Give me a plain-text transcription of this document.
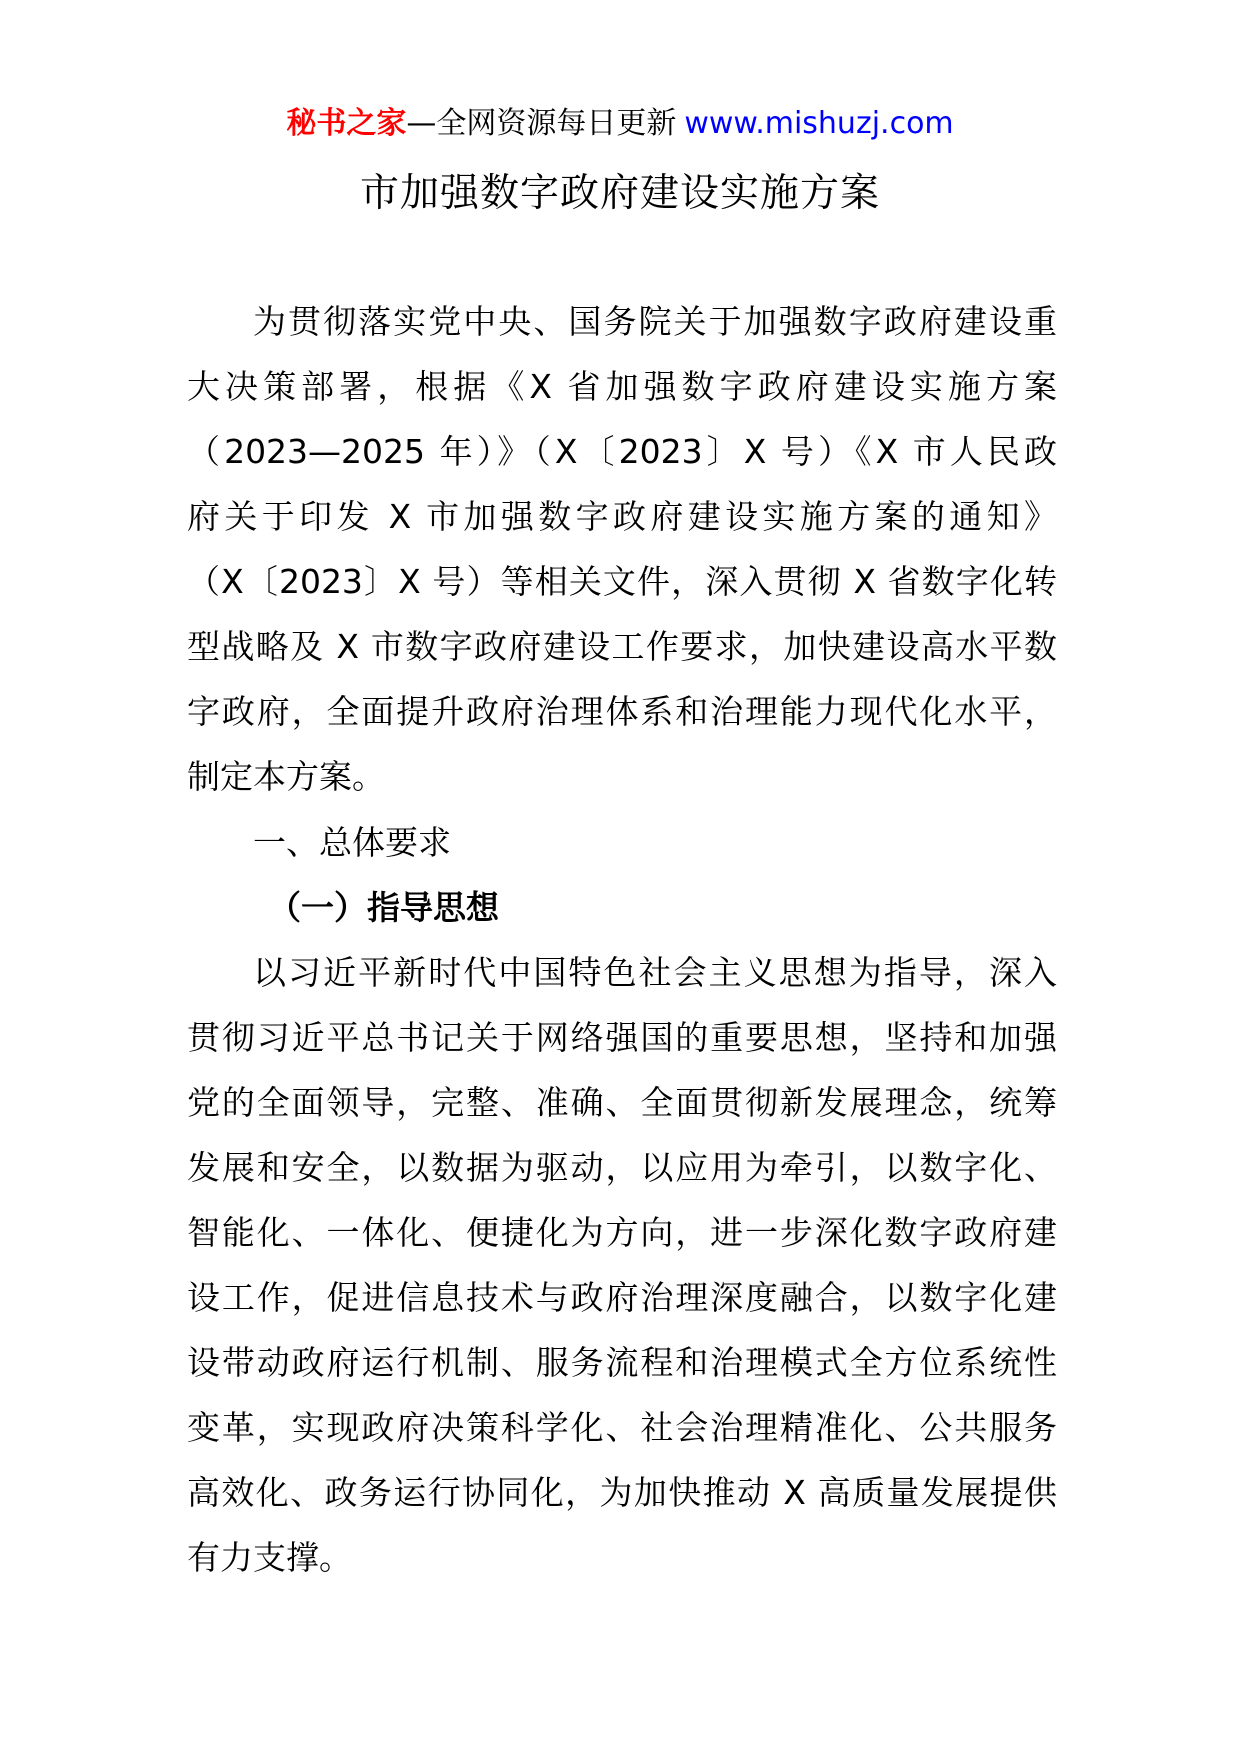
秘书之家—全网资源每日更新 www.mishuzj.com
市加强数字政府建设实施方案
为贯彻落实党中央、国务院关于加强数字政府建设重
大决策部署，根据《X 省加强数字政府建设实施方案
（2023—2025 年）》（X〔2023〕X 号）《X 市人民政
府关于印发 X 市加强数字政府建设实施方案的通知》
（X〔2023〕X 号）等相关文件，深入贯彻 X 省数字化转
型战略及 X 市数字政府建设工作要求，加快建设高水平数
字政府，全面提升政府治理体系和治理能力现代化水平，
制定本方案。
一、总体要求
（一）指导思想
以习近平新时代中国特色社会主义思想为指导，深入
贯彻习近平总书记关于网络强国的重要思想，坚持和加强
党的全面领导，完整、准确、全面贯彻新发展理念，统筹
发展和安全，以数据为驱动，以应用为牵引，以数字化、
智能化、一体化、便捷化为方向，进一步深化数字政府建
设工作，促进信息技术与政府治理深度融合，以数字化建
设带动政府运行机制、服务流程和治理模式全方位系统性
变革，实现政府决策科学化、社会治理精准化、公共服务
高效化、政务运行协同化，为加快推动 X 高质量发展提供
有力支撑。
